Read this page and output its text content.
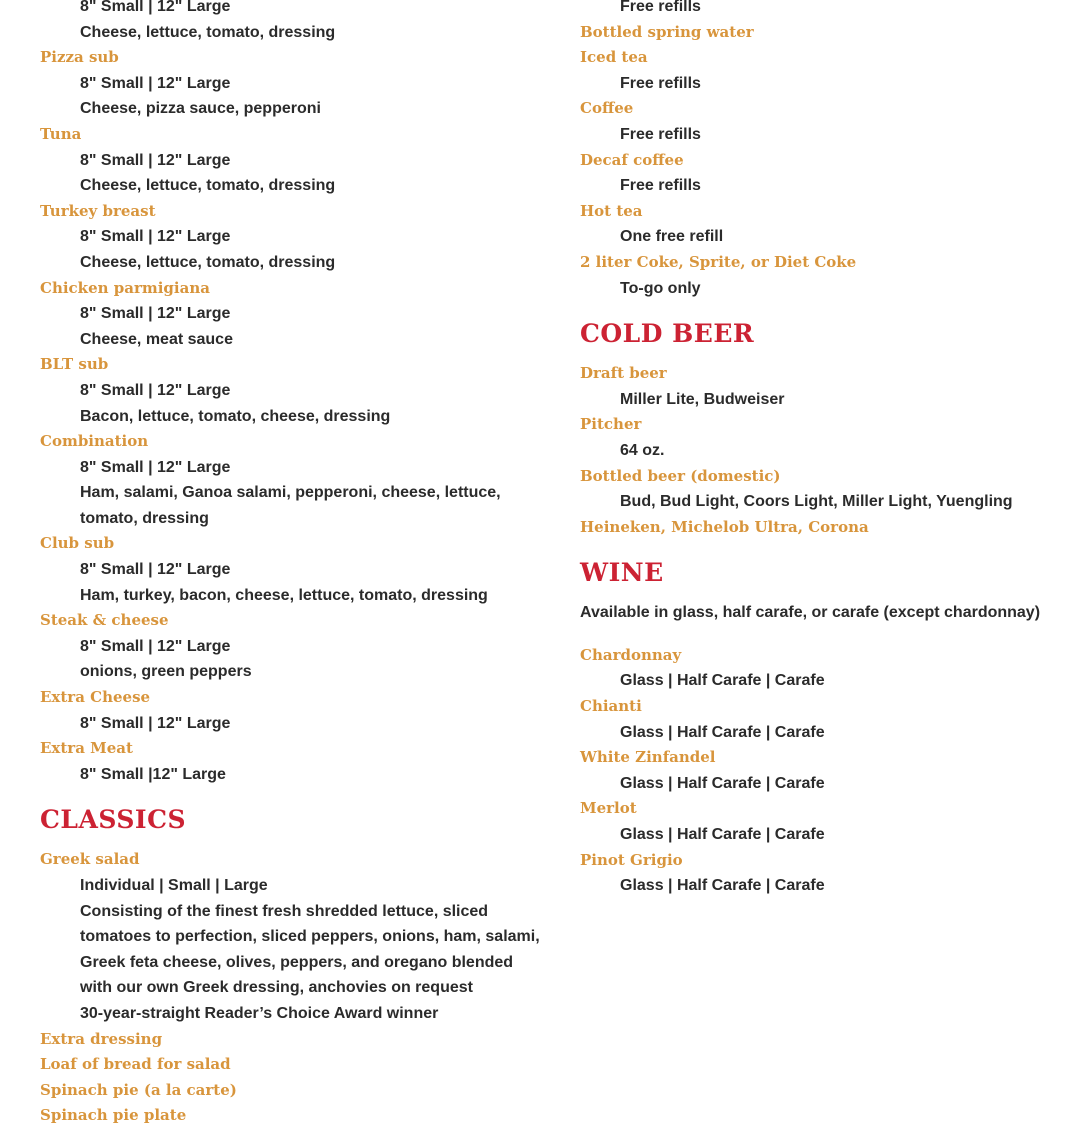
8" Small | 12" Large
Cheese, lettuce, tomato, dressing
Pizza sub
8" Small | 12" Large
Cheese, pizza sauce, pepperoni
Tuna
8" Small | 12" Large
Cheese, lettuce, tomato, dressing
Turkey breast
8" Small | 12" Large
Cheese, lettuce, tomato, dressing
Chicken parmigiana
8" Small | 12" Large
Cheese, meat sauce
BLT sub
8" Small | 12" Large
Bacon, lettuce, tomato, cheese, dressing
Combination
8" Small | 12" Large
Ham, salami, Ganoa salami, pepperoni, cheese, lettuce, tomato, dressing
Club sub
8" Small | 12" Large
Ham, turkey, bacon, cheese, lettuce, tomato, dressing
Steak & cheese
8" Small | 12" Large
onions, green peppers
Extra Cheese
8" Small | 12" Large
Extra Meat
8" Small |12" Large
CLASSICS
Greek salad
Individual | Small | Large
Consisting of the finest fresh shredded lettuce, sliced tomatoes to perfection, sliced peppers, onions, ham, salami, Greek feta cheese, olives, peppers, and oregano blended with our own Greek dressing, anchovies on request
30-year-straight Reader’s Choice Award winner
Extra dressing
Loaf of bread for salad
Spinach pie (a la carte)
Spinach pie plate
Free refills
Bottled spring water
Iced tea
Free refills
Coffee
Free refills
Decaf coffee
Free refills
Hot tea
One free refill
2 liter Coke, Sprite, or Diet Coke
To-go only
COLD BEER
Draft beer
Miller Lite, Budweiser
Pitcher
64 oz.
Bottled beer (domestic)
Bud, Bud Light, Coors Light, Miller Light, Yuengling
Heineken, Michelob Ultra, Corona
WINE
Available in glass, half carafe, or carafe (except chardonnay)
Chardonnay
Glass | Half Carafe | Carafe
Chianti
Glass | Half Carafe | Carafe
White Zinfandel
Glass | Half Carafe | Carafe
Merlot
Glass | Half Carafe | Carafe
Pinot Grigio
Glass | Half Carafe | Carafe
